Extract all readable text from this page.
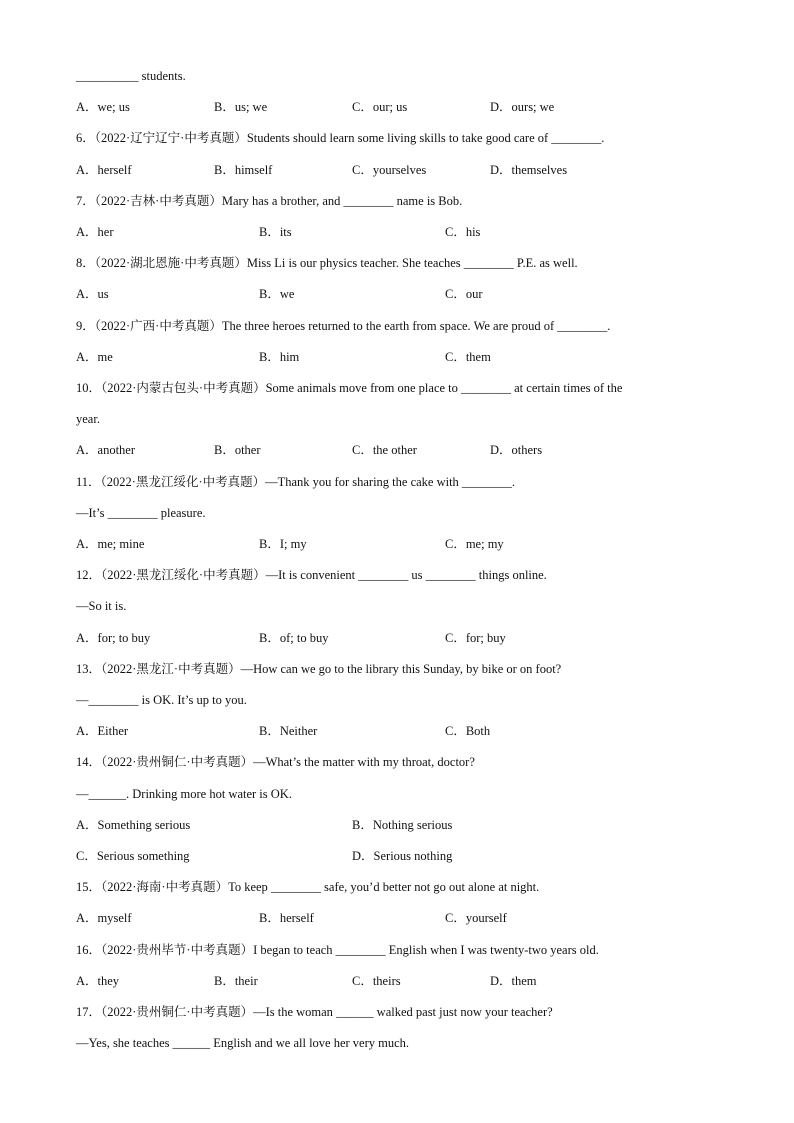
__________ students.
A．we; us	B．us; we	C．our; us	D．ours; we
6．（2022·辽宁辽宁·中考真题）Students should learn some living skills to take good care of ________.
A．herself	B．himself	C．yourselves	D．themselves
7．（2022·吉林·中考真题）Mary has a brother, and ________ name is Bob.
A．her	B．its	C．his
8．（2022·湖北恩施·中考真题）Miss Li is our physics teacher. She teaches ________ P.E. as well.
A．us	B．we	C．our
9．（2022·广西·中考真题）The three heroes returned to the earth from space. We are proud of ________.
A．me	B．him	C．them
10．（2022·内蒙古包头·中考真题）Some animals move from one place to ________ at certain times of the
year.
A．another	B．other	C．the other	D．others
11．（2022·黑龙江绥化·中考真题）—Thank you for sharing the cake with ________.
—It’s ________ pleasure.
A．me; mine	B．I; my	C．me; my
12．（2022·黑龙江绥化·中考真题）—It is convenient ________ us ________ things online.
—So it is.
A．for; to buy	B．of; to buy	C．for; buy
13．（2022·黑龙江·中考真题）—How can we go to the library this Sunday, by bike or on foot?
—________ is OK. It’s up to you.
A．Either	B．Neither	C．Both
14．（2022·贵州铜仁·中考真题）—What’s the matter with my throat, doctor?
—______. Drinking more hot water is OK.
A．Something serious	B．Nothing serious
C．Serious something	D．Serious nothing
15．（2022·海南·中考真题）To keep ________ safe, you’d better not go out alone at night.
A．myself	B．herself	C．yourself
16．（2022·贵州毕节·中考真题）I began to teach ________ English when I was twenty-two years old.
A．they	B．their	C．theirs	D．them
17．（2022·贵州铜仁·中考真题）—Is the woman ______ walked past just now your teacher?
—Yes, she teaches ______ English and we all love her very much.
